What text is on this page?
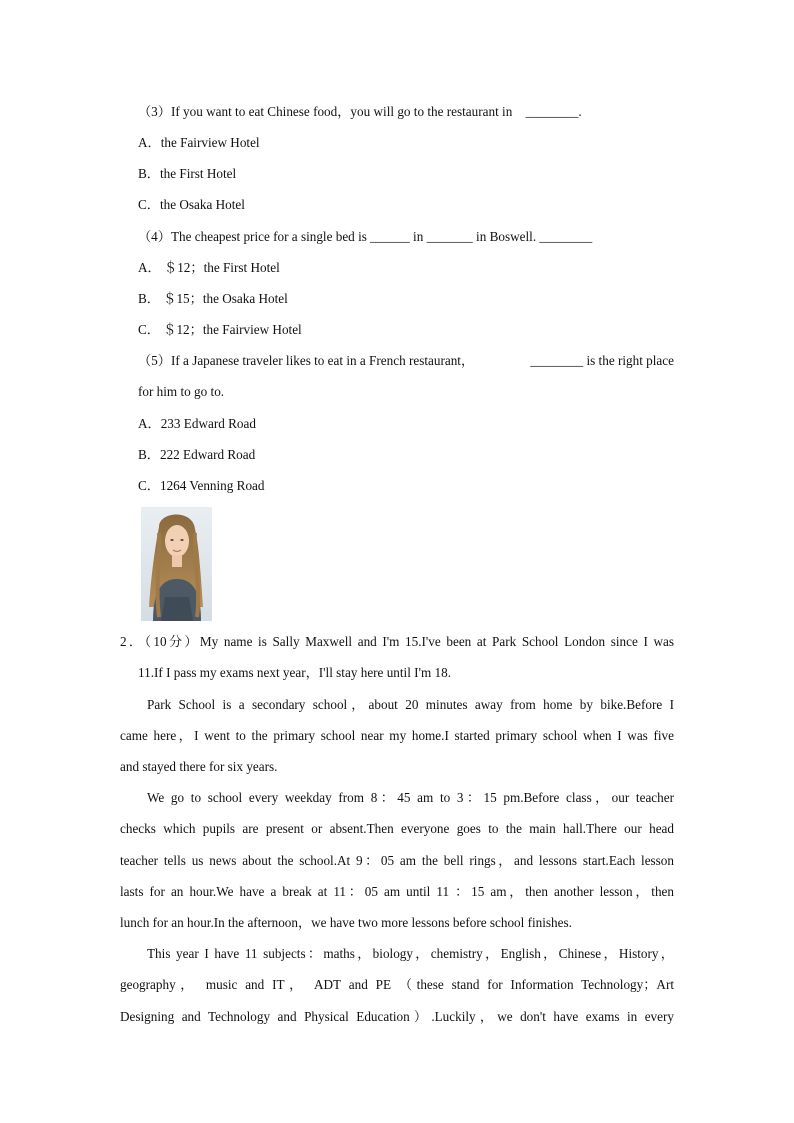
（3）If you want to eat Chinese food，you will go to the restaurant in ________.
A．the Fairview Hotel
B．the First Hotel
C．the Osaka Hotel
（4）The cheapest price for a single bed is ______ in _______ in Boswell. ________
A． ＄12；the First Hotel
B． ＄15；the Osaka Hotel
C． ＄12；the Fairview Hotel
（5）If a Japanese traveler likes to eat in a French restaurant，	________ is the right place
for him to go to.
A．233 Edward Road
B．222 Edward Road
C．1264 Venning Road
2．（10分）My name is Sally Maxwell and I'm 15.I've been at Park School London since I was
11.If I pass my exams next year，I'll stay here until I'm 18.
Park School is a secondary school，about 20 minutes away from home by bike.Before I
came here，I went to the primary school near my home.I started primary school when I was five
and stayed there for six years.
We go to school every weekday from 8：45 am to 3：15 pm.Before class，our teacher
checks which pupils are present or absent.Then everyone goes to the main hall.There our head
teacher tells us news about the school.At 9：05 am the bell rings，and lessons start.Each lesson
lasts for an hour.We have a break at 11：05 am until 11 ：15 am，then another lesson，then
lunch for an hour.In the afternoon，we have two more lessons before school finishes.
This year I have 11 subjects：maths，biology，chemistry，English，Chinese，History，
geography， music and IT， ADT and PE （these stand for Information Technology；Art
Designing and Technology and Physical Education）.Luckily，we don't have exams in every
